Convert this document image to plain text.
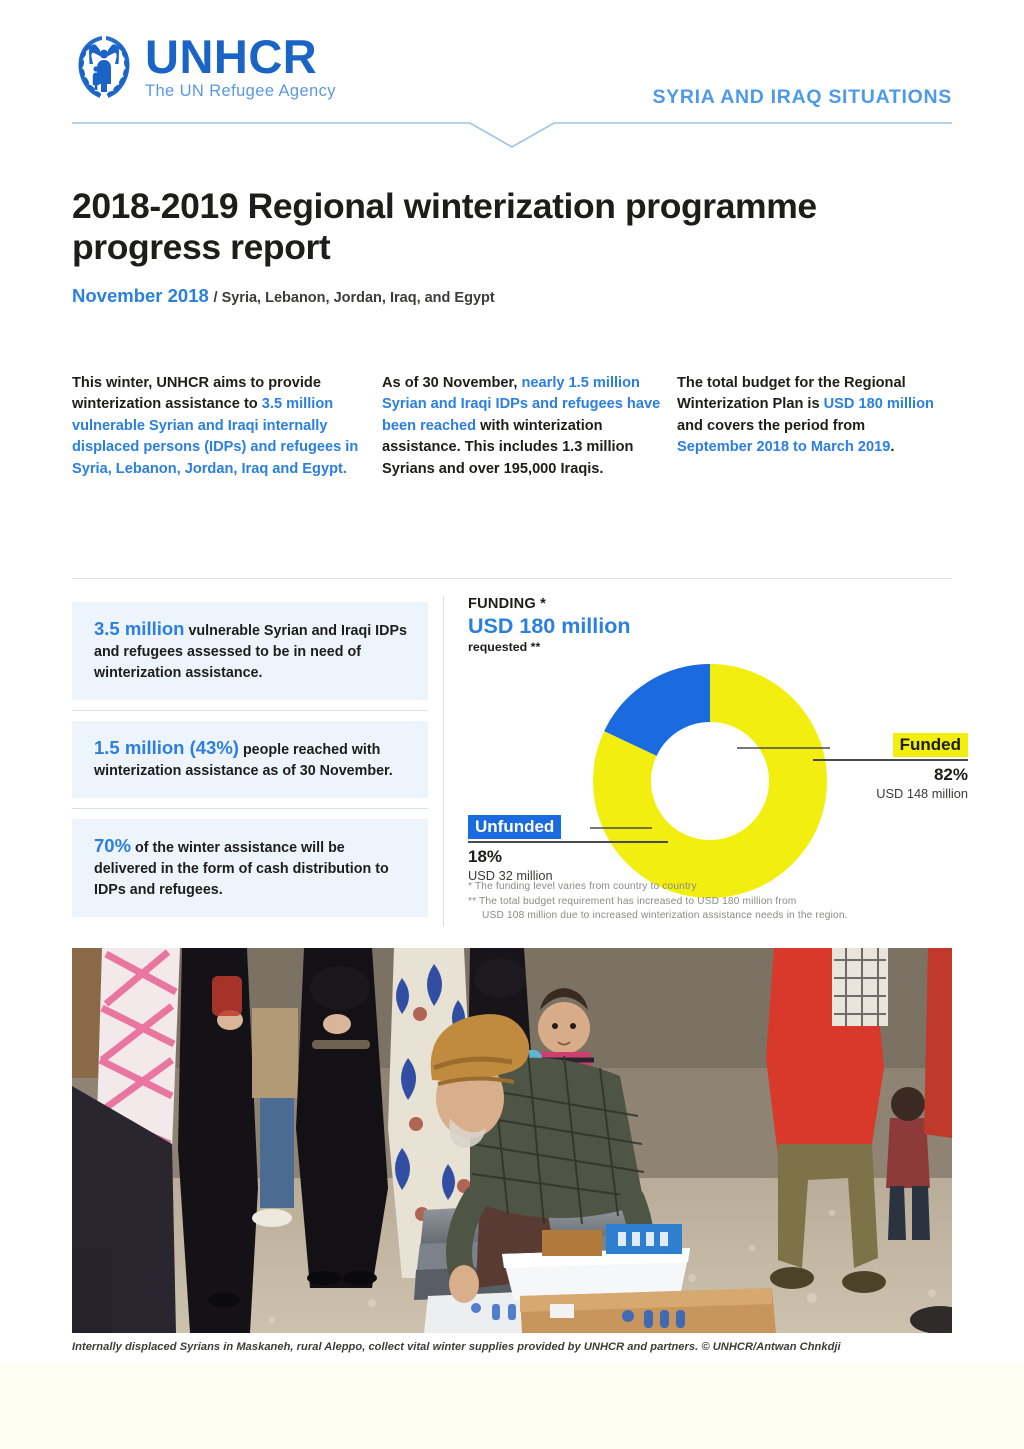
UNHCR
The UN Refugee Agency	SYRIA AND IRAQ SITUATIONS
2018-2019 Regional winterization programme progress report
November 2018 / Syria, Lebanon, Jordan, Iraq, and Egypt
This winter, UNHCR aims to provide winterization assistance to 3.5 million vulnerable Syrian and Iraqi internally displaced persons (IDPs) and refugees in Syria, Lebanon, Jordan, Iraq and Egypt.
As of 30 November, nearly 1.5 million Syrian and Iraqi IDPs and refugees have been reached with winterization assistance. This includes 1.3 million Syrians and over 195,000 Iraqis.
The total budget for the Regional Winterization Plan is USD 180 million and covers the period from September 2018 to March 2019.

3.5 million vulnerable Syrian and Iraqi IDPs and refugees assessed to be in need of winterization assistance.

1.5 million (43%) people reached with winterization assistance as of 30 November.

70% of the winter assistance will be delivered in the form of cash distribution to IDPs and refugees.

FUNDING *
USD 180 million
requested **
Funded
82%
USD 148 million
Unfunded
18%
USD 32 million
* The funding level varies from country to country
** The total budget requirement has increased to USD 180 million from
USD 108 million due to increased winterization assistance needs in the region.
Internally displaced Syrians in Maskaneh, rural Aleppo, collect vital winter supplies provided by UNHCR and partners. © UNHCR/Antwan Chnkdji
